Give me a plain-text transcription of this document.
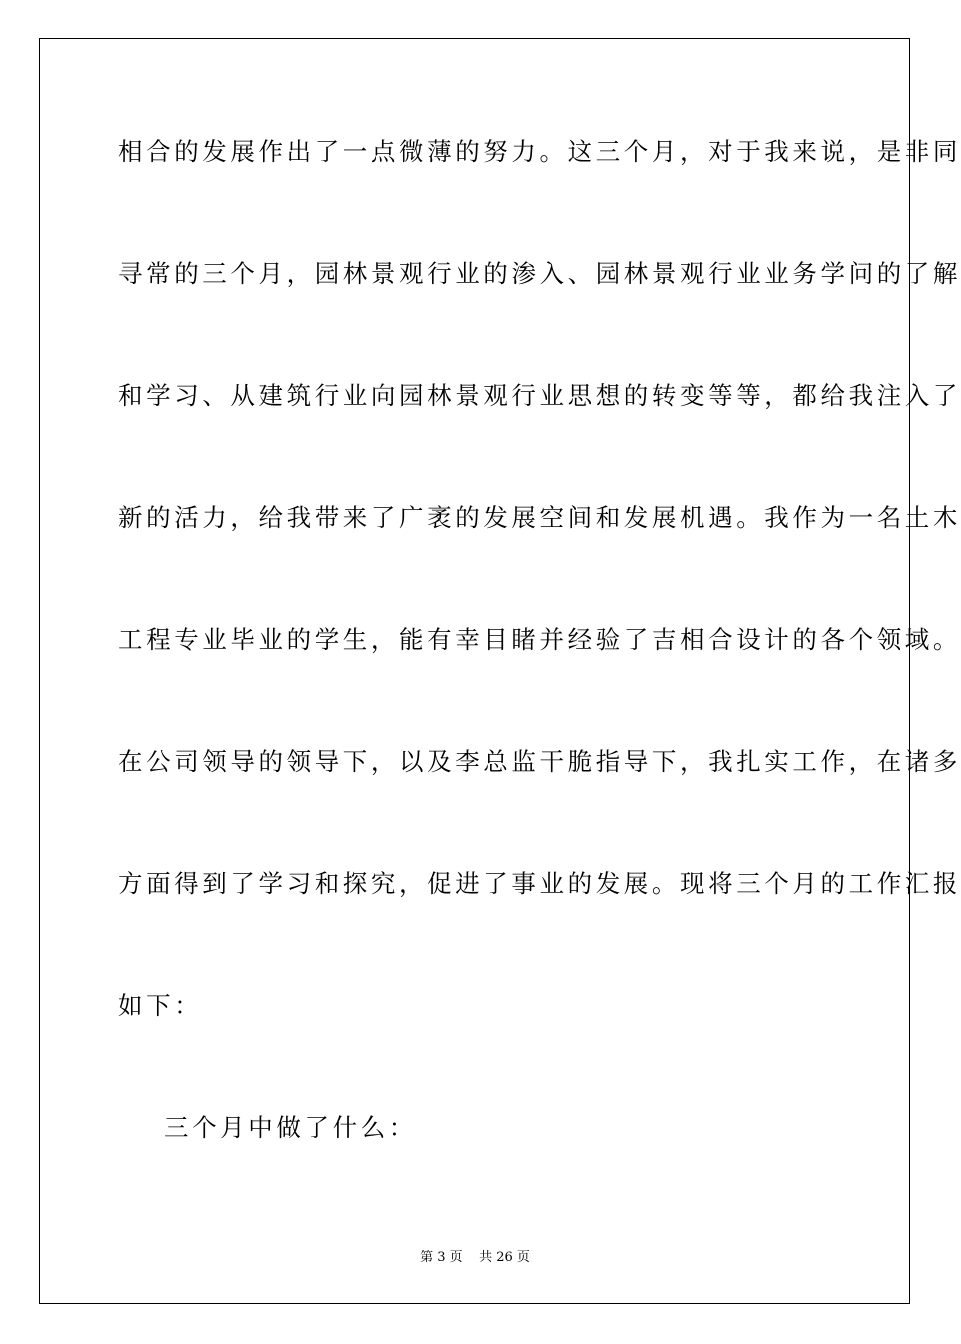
相合的发展作出了一点微薄的努力。这三个月，对于我来说，是非同
寻常的三个月，园林景观行业的渗入、园林景观行业业务学问的了解
和学习、从建筑行业向园林景观行业思想的转变等等，都给我注入了
新的活力，给我带来了广袤的发展空间和发展机遇。我作为一名土木
工程专业毕业的学生，能有幸目睹并经验了吉相合设计的各个领域。
在公司领导的领导下，以及李总监干脆指导下，我扎实工作，在诸多
方面得到了学习和探究，促进了事业的发展。现将三个月的工作汇报
如下：
三个月中做了什么：
第 3 页    共 26 页
